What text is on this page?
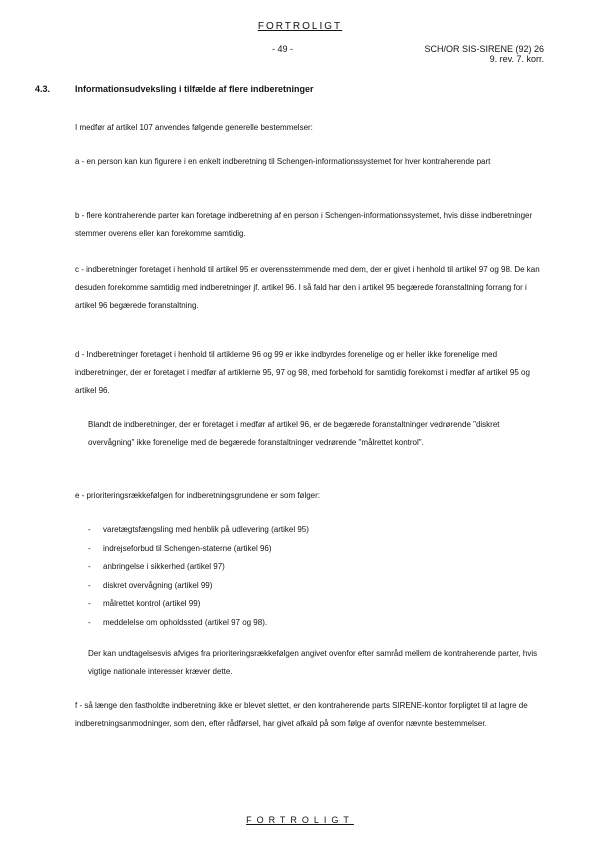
FORTROLIGT
- 49 -	SCH/OR SIS-SIRENE (92) 26
9. rev. 7. korr.
4.3.	Informationsudveksling i tilfælde af flere indberetninger
I medfør af artikel 107 anvendes følgende generelle bestemmelser:
a - en person kan kun figurere i en enkelt indberetning til Schengen-informationssystemet for hver kontraherende part
b - flere kontraherende parter kan foretage indberetning af en person i Schengen-informationssystemet, hvis disse indberetninger stemmer overens eller kan forekomme samtidig.
c - indberetninger foretaget i henhold til artikel 95 er overensstemmende med dem, der er givet i henhold til artikel 97 og 98. De kan desuden forekomme samtidig med indberetninger jf. artikel 96. I så fald har den i artikel 95 begærede foranstaltning forrang for i artikel 96 begærede foranstaltning.
d - Indberetninger foretaget i henhold til artiklerne 96 og 99 er ikke indbyrdes forenelige og er heller ikke forenelige med indberetninger, der er foretaget i medfør af artiklerne 95, 97 og 98, med forbehold for samtidig forekomst i medfør af artikel 95 og artikel 96.
Blandt de indberetninger, der er foretaget i medfør af artikel 96, er de begærede foranstaltninger vedrørende "diskret overvågning" ikke forenelige med de begærede foranstaltninger vedrørende "målrettet kontrol".
e - prioriteringsrækkefølgen for indberetningsgrundene er som følger:
- varetægtsfængsling med henblik på udlevering (artikel 95)
- indrejseforbud til Schengen-staterne (artikel 96)
- anbringelse i sikkerhed (artikel 97)
- diskret overvågning (artikel 99)
- målrettet kontrol (artikel 99)
- meddelelse om opholdssted (artikel 97 og 98).
Der kan undtagelsesvis afviges fra prioriteringsrækkefølgen angivet ovenfor efter samråd mellem de kontraherende parter, hvis vigtige nationale interesser kræver dette.
f - så længe den fastholdte indberetning ikke er blevet slettet, er den kontraherende parts SIRENE-kontor forpligtet til at lagre de indberetningsanmodninger, som den, efter rådførsel, har givet afkald på som følge af ovenfor nævnte bestemmelser.
FORTROLIGT
